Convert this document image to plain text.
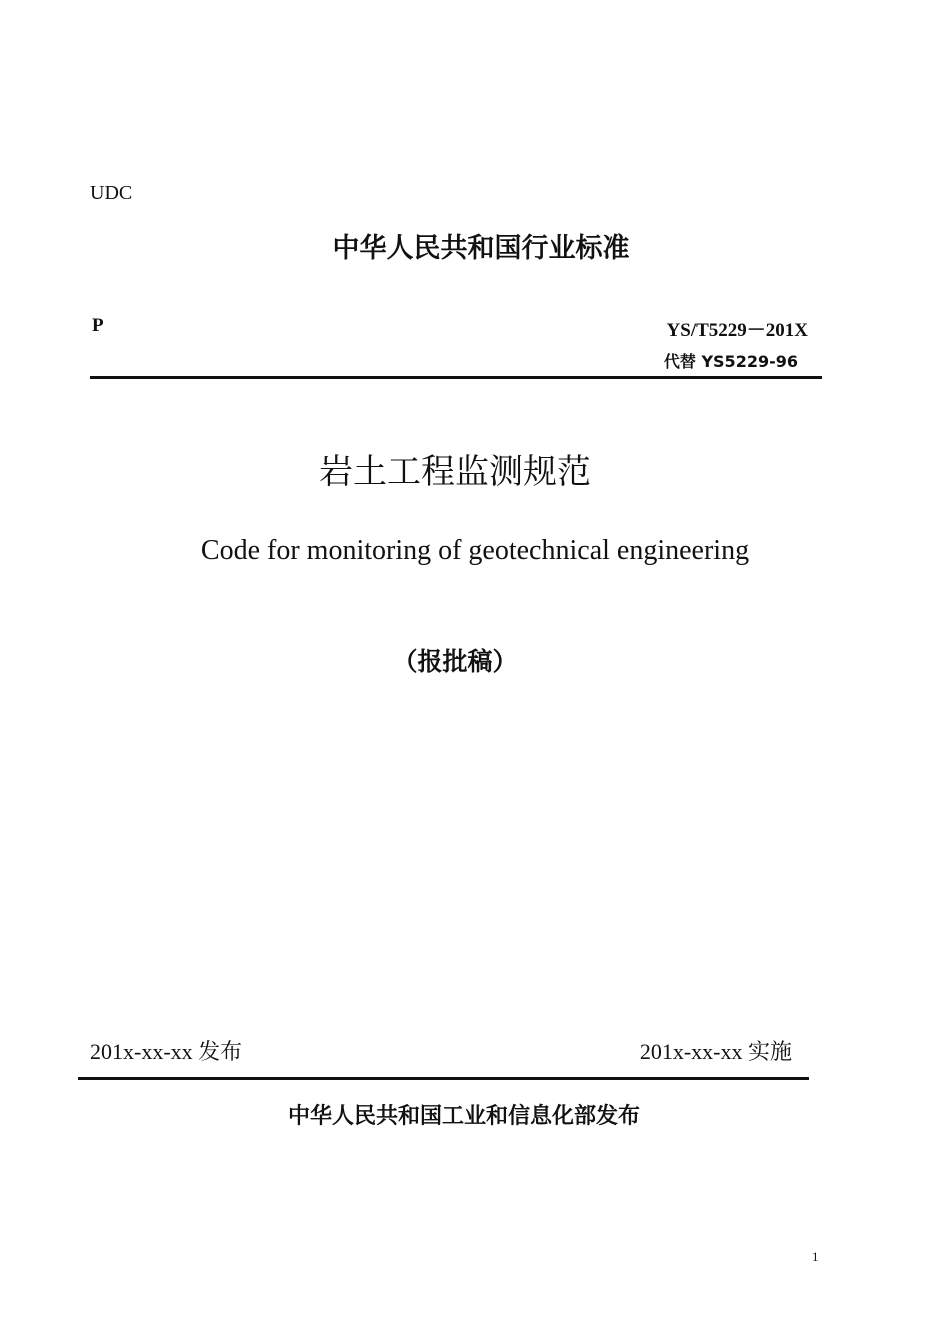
UDC
中华人民共和国行业标准
P	YS/T5229－201X
代替 YS5229-96
岩土工程监测规范
Code for monitoring of geotechnical engineering
（报批稿）
201x-xx-xx 发布	201x-xx-xx 实施
中华人民共和国工业和信息化部发布
1
